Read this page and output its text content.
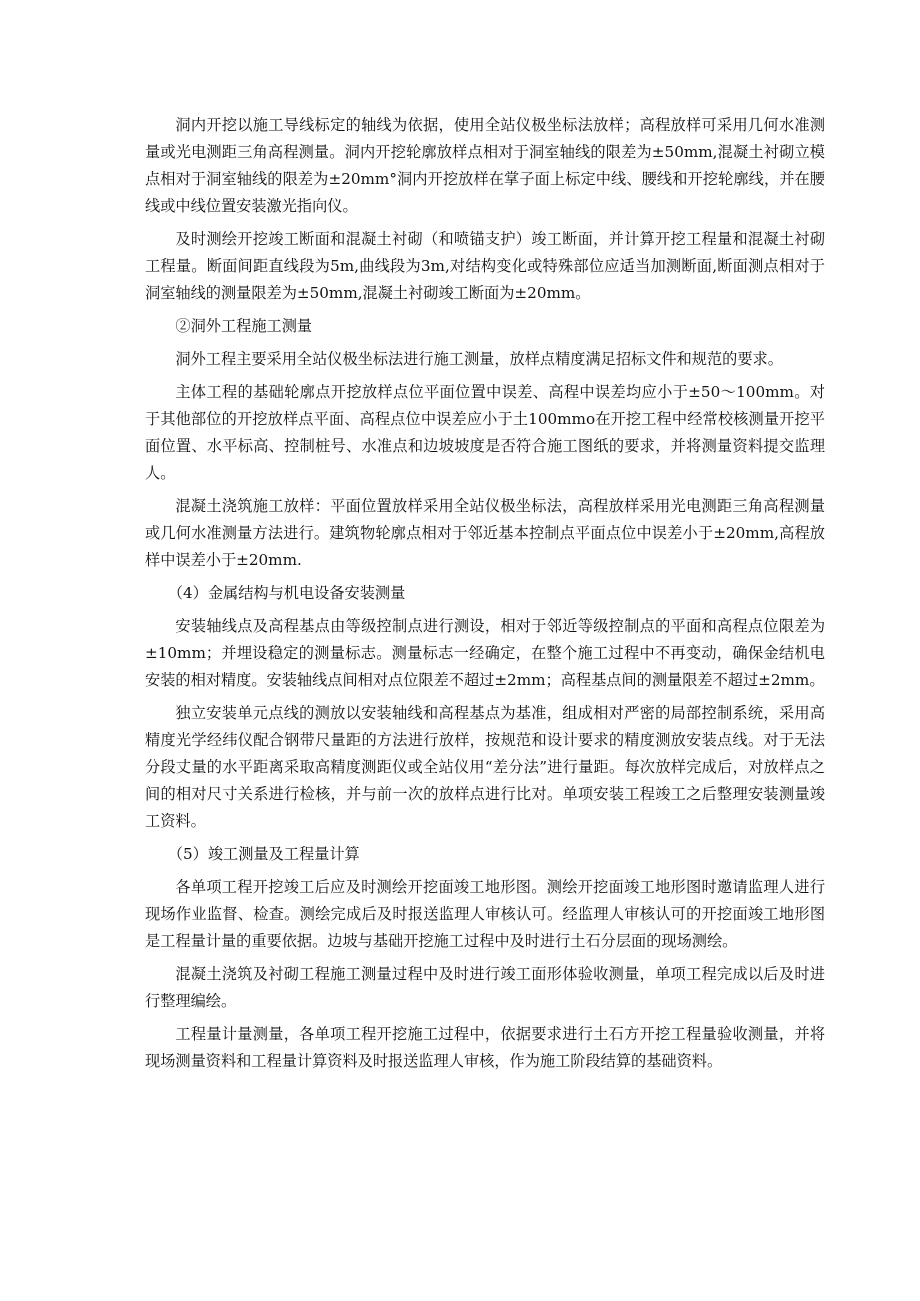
洞内开挖以施工导线标定的轴线为依据，使用全站仪极坐标法放样；高程放样可采用几何水准测量或光电测距三角高程测量。洞内开挖轮廓放样点相对于洞室轴线的限差为±50mm,混凝土衬砌立模点相对于洞室轴线的限差为±20mm°洞内开挖放样在掌子面上标定中线、腰线和开挖轮廓线，并在腰线或中线位置安装激光指向仪。

及时测绘开挖竣工断面和混凝土衬砌（和喷锚支护）竣工断面，并计算开挖工程量和混凝土衬砌工程量。断面间距直线段为5m,曲线段为3m,对结构变化或特殊部位应适当加测断面,断面测点相对于洞室轴线的测量限差为±50mm,混凝土衬砌竣工断面为±20mm。

②洞外工程施工测量

洞外工程主要采用全站仪极坐标法进行施工测量，放样点精度满足招标文件和规范的要求。

主体工程的基础轮廓点开挖放样点位平面位置中误差、高程中误差均应小于±50～100mm。对于其他部位的开挖放样点平面、高程点位中误差应小于土100mmo在开挖工程中经常校核测量开挖平面位置、水平标高、控制桩号、水准点和边坡坡度是否符合施工图纸的要求，并将测量资料提交监理人。

混凝土浇筑施工放样：平面位置放样采用全站仪极坐标法，高程放样采用光电测距三角高程测量或几何水准测量方法进行。建筑物轮廓点相对于邻近基本控制点平面点位中误差小于±20mm,高程放样中误差小于±20mm.

（4）金属结构与机电设备安装测量

安装轴线点及高程基点由等级控制点进行测设，相对于邻近等级控制点的平面和高程点位限差为±10mm；并埋设稳定的测量标志。测量标志一经确定，在整个施工过程中不再变动，确保金结机电安装的相对精度。安装轴线点间相对点位限差不超过±2mm；高程基点间的测量限差不超过±2mm。

独立安装单元点线的测放以安装轴线和高程基点为基准，组成相对严密的局部控制系统，采用高精度光学经纬仪配合钢带尺量距的方法进行放样，按规范和设计要求的精度测放安装点线。对于无法分段丈量的水平距离采取高精度测距仪或全站仪用“差分法”进行量距。每次放样完成后，对放样点之间的相对尺寸关系进行检核，并与前一次的放样点进行比对。单项安装工程竣工之后整理安装测量竣工资料。

（5）竣工测量及工程量计算

各单项工程开挖竣工后应及时测绘开挖面竣工地形图。测绘开挖面竣工地形图时邀请监理人进行现场作业监督、检查。测绘完成后及时报送监理人审核认可。经监理人审核认可的开挖面竣工地形图是工程量计量的重要依据。边坡与基础开挖施工过程中及时进行土石分层面的现场测绘。

混凝土浇筑及衬砌工程施工测量过程中及时进行竣工面形体验收测量，单项工程完成以后及时进行整理编绘。

工程量计量测量，各单项工程开挖施工过程中，依据要求进行土石方开挖工程量验收测量，并将现场测量资料和工程量计算资料及时报送监理人审核，作为施工阶段结算的基础资料。
